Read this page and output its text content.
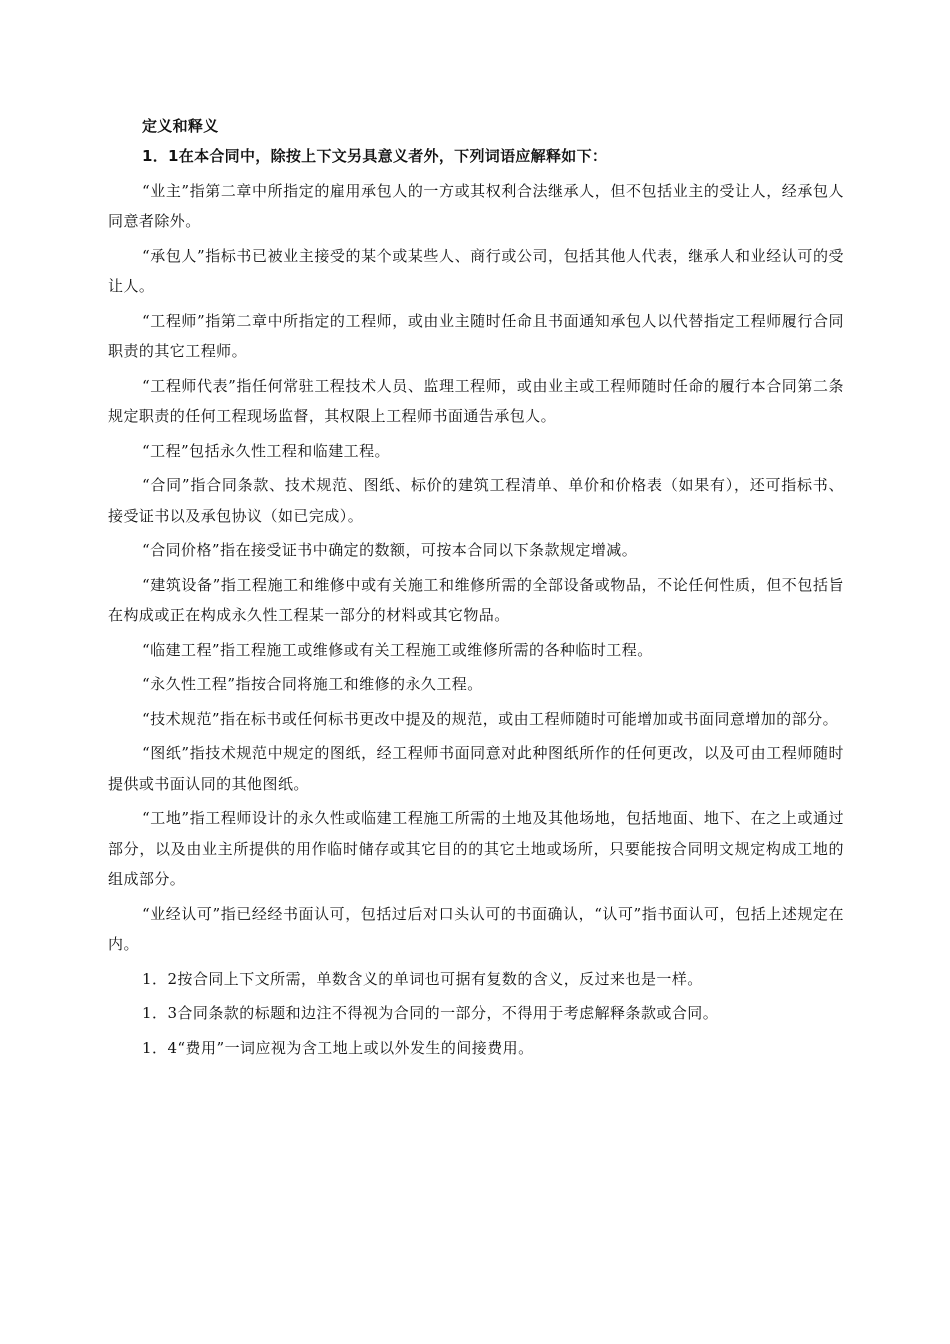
定义和释义

1．1在本合同中，除按上下文另具意义者外，下列词语应解释如下：

“业主”指第二章中所指定的雇用承包人的一方或其权利合法继承人，但不包括业主的受让人，经承包人同意者除外。

“承包人”指标书已被业主接受的某个或某些人、商行或公司，包括其他人代表，继承人和业经认可的受让人。

“工程师”指第二章中所指定的工程师，或由业主随时任命且书面通知承包人以代替指定工程师履行合同职责的其它工程师。

“工程师代表”指任何常驻工程技术人员、监理工程师，或由业主或工程师随时任命的履行本合同第二条规定职责的任何工程现场监督，其权限上工程师书面通告承包人。

“工程”包括永久性工程和临建工程。

“合同”指合同条款、技术规范、图纸、标价的建筑工程清单、单价和价格表（如果有），还可指标书、接受证书以及承包协议（如已完成）。

“合同价格”指在接受证书中确定的数额，可按本合同以下条款规定增减。

“建筑设备”指工程施工和维修中或有关施工和维修所需的全部设备或物品，不论任何性质，但不包括旨在构成或正在构成永久性工程某一部分的材料或其它物品。

“临建工程”指工程施工或维修或有关工程施工或维修所需的各种临时工程。

“永久性工程”指按合同将施工和维修的永久工程。

“技术规范”指在标书或任何标书更改中提及的规范，或由工程师随时可能增加或书面同意增加的部分。

“图纸”指技术规范中规定的图纸，经工程师书面同意对此种图纸所作的任何更改，以及可由工程师随时提供或书面认同的其他图纸。

“工地”指工程师设计的永久性或临建工程施工所需的土地及其他场地，包括地面、地下、在之上或通过部分，以及由业主所提供的用作临时储存或其它目的的其它土地或场所，只要能按合同明文规定构成工地的组成部分。

“业经认可”指已经经书面认可，包括过后对口头认可的书面确认，“认可”指书面认可，包括上述规定在内。

1．2按合同上下文所需，单数含义的单词也可据有复数的含义，反过来也是一样。

1．3合同条款的标题和边注不得视为合同的一部分，不得用于考虑解释条款或合同。

1．4“费用”一词应视为含工地上或以外发生的间接费用。
